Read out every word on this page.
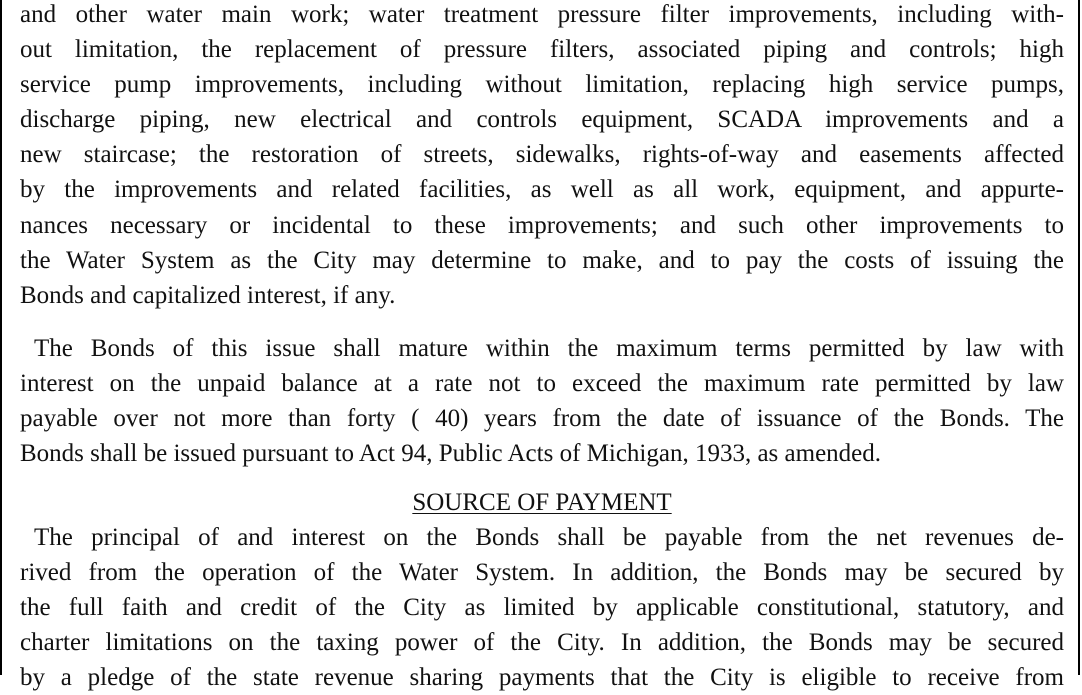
and other water main work; water treatment pressure filter improvements, including with-
out limitation, the replacement of pressure filters, associated piping and controls; high
service pump improvements, including without limitation, replacing high service pumps,
discharge piping, new electrical and controls equipment, SCADA improvements and a
new staircase; the restoration of streets, sidewalks, rights-of-way and easements affected
by the improvements and related facilities, as well as all work, equipment, and appurte-
nances necessary or incidental to these improvements; and such other improvements to
the Water System as the City may determine to make, and to pay the costs of issuing the
Bonds and capitalized interest, if any.
The Bonds of this issue shall mature within the maximum terms permitted by law with
interest on the unpaid balance at a rate not to exceed the maximum rate permitted by law
payable over not more than forty ( 40) years from the date of issuance of the Bonds. The
Bonds shall be issued pursuant to Act 94, Public Acts of Michigan, 1933, as amended.
SOURCE OF PAYMENT
The principal of and interest on the Bonds shall be payable from the net revenues de-
rived from the operation of the Water System. In addition, the Bonds may be secured by
the full faith and credit of the City as limited by applicable constitutional, statutory, and
charter limitations on the taxing power of the City. In addition, the Bonds may be secured
by a pledge of the state revenue sharing payments that the City is eligible to receive from
